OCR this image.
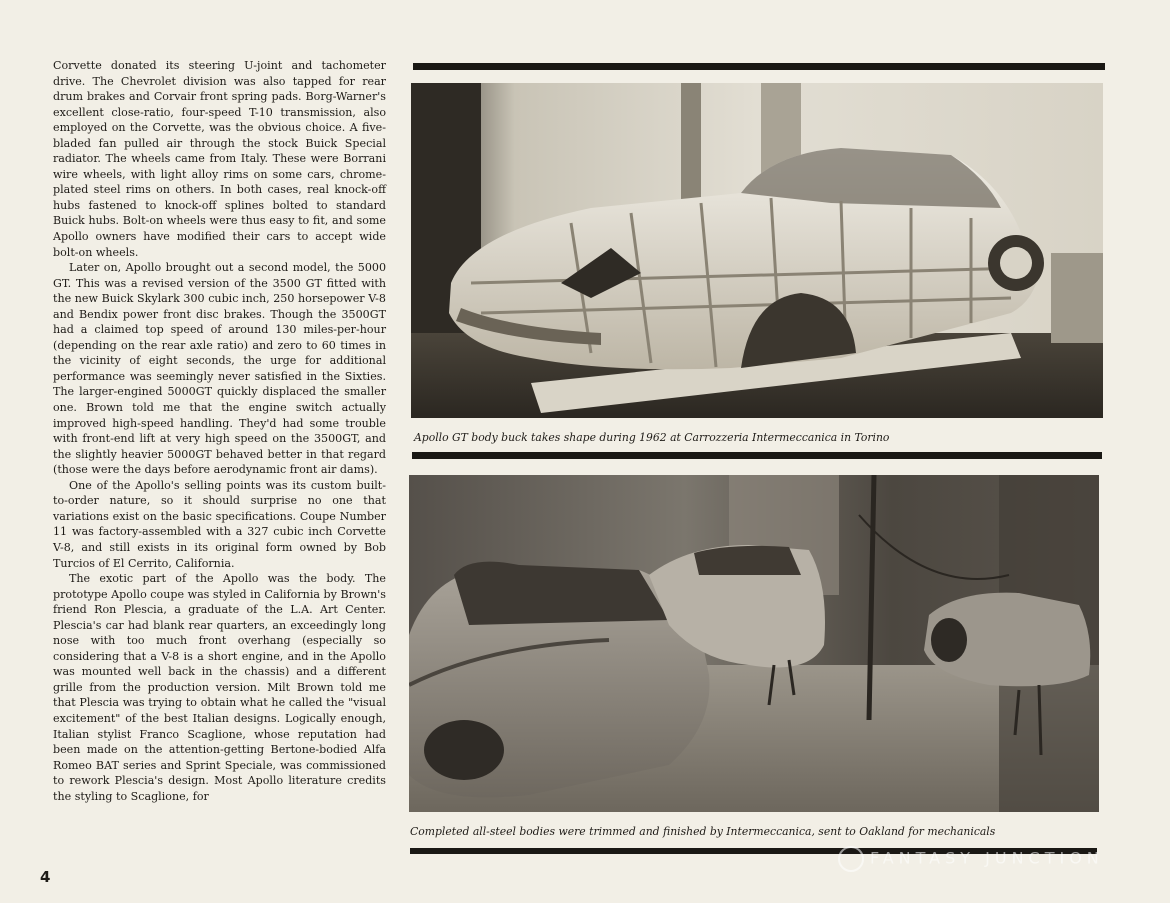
Corvette donated its steering U-joint and tachometer drive. The Chevrolet division was also tapped for rear drum brakes and Corvair front spring pads. Borg-Warner's excellent close-ratio, four-speed T-10 transmission, also employed on the Corvette, was the obvious choice. A five-bladed fan pulled air through the stock Buick Special radiator. The wheels came from Italy. These were Borrani wire wheels, with light alloy rims on some cars, chrome-plated steel rims on others. In both cases, real knock-off hubs fastened to knock-off splines bolted to standard Buick hubs. Bolt-on wheels were thus easy to fit, and some Apollo owners have modified their cars to accept wide bolt-on wheels.

Later on, Apollo brought out a second model, the 5000 GT. This was a revised version of the 3500 GT fitted with the new Buick Skylark 300 cubic inch, 250 horsepower V-8 and Bendix power front disc brakes. Though the 3500GT had a claimed top speed of around 130 miles-per-hour (depending on the rear axle ratio) and zero to 60 times in the vicinity of eight seconds, the urge for additional performance was seemingly never satisfied in the Sixties. The larger-engined 5000GT quickly displaced the smaller one. Brown told me that the engine switch actually improved high-speed handling. They'd had some trouble with front-end lift at very high speed on the 3500GT, and the slightly heavier 5000GT behaved better in that regard (those were the days before aerodynamic front air dams).

One of the Apollo's selling points was its custom built-to-order nature, so it should surprise no one that variations exist on the basic specifications. Coupe Number 11 was factory-assembled with a 327 cubic inch Corvette V-8, and still exists in its original form owned by Bob Turcios of El Cerrito, California.

The exotic part of the Apollo was the body. The prototype Apollo coupe was styled in California by Brown's friend Ron Plescia, a graduate of the L.A. Art Center. Plescia's car had blank rear quarters, an exceedingly long nose with too much front overhang (especially so considering that a V-8 is a short engine, and in the Apollo was mounted well back in the chassis) and a different grille from the production version. Milt Brown told me that Plescia was trying to obtain what he called the "visual excitement" of the best Italian designs. Logically enough, Italian stylist Franco Scaglione, whose reputation had been made on the attention-getting Bertone-bodied Alfa Romeo BAT series and Sprint Speciale, was commissioned to rework Plescia's design. Most Apollo literature credits the styling to Scaglione, for

4
Apollo GT body buck takes shape during 1962 at Carrozzeria Intermeccanica in Torino
Completed all-steel bodies were trimmed and finished by Intermeccanica, sent to Oakland for mechanicals
FANTASY JUNCTION
